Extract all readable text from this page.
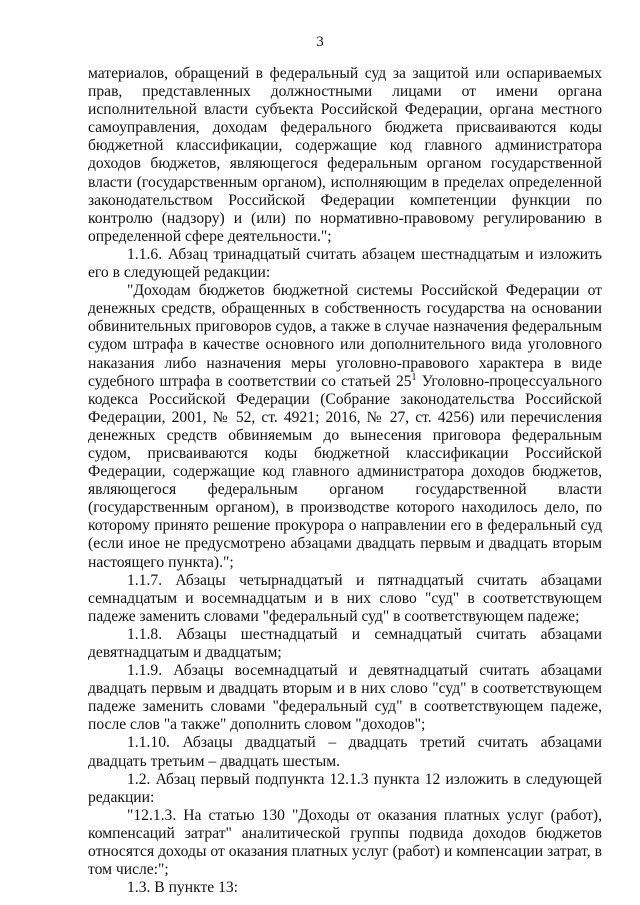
3

материалов, обращений в федеральный суд за защитой или оспариваемых прав, представленных должностными лицами от имени органа исполнительной власти субъекта Российской Федерации, органа местного самоуправления, доходам федерального бюджета присваиваются коды бюджетной классификации, содержащие код главного администратора доходов бюджетов, являющегося федеральным органом государственной власти (государственным органом), исполняющим в пределах определенной законодательством Российской Федерации компетенции функции по контролю (надзору) и (или) по нормативно-правовому регулированию в определенной сфере деятельности.";

1.1.6. Абзац тринадцатый считать абзацем шестнадцатым и изложить его в следующей редакции:

"Доходам бюджетов бюджетной системы Российской Федерации от денежных средств, обращенных в собственность государства на основании обвинительных приговоров судов, а также в случае назначения федеральным судом штрафа в качестве основного или дополнительного вида уголовного наказания либо назначения меры уголовно-правового характера в виде судебного штрафа в соответствии со статьей $25^1$ Уголовно-процессуального кодекса Российской Федерации (Собрание законодательства Российской Федерации, 2001, № 52, ст. 4921; 2016, № 27, ст. 4256) или перечисления денежных средств обвиняемым до вынесения приговора федеральным судом, присваиваются коды бюджетной классификации Российской Федерации, содержащие код главного администратора доходов бюджетов, являющегося федеральным органом государственной власти (государственным органом), в производстве которого находилось дело, по которому принято решение прокурора о направлении его в федеральный суд (если иное не предусмотрено абзацами двадцать первым и двадцать вторым настоящего пункта).";

1.1.7. Абзацы четырнадцатый и пятнадцатый считать абзацами семнадцатым и восемнадцатым и в них слово "суд" в соответствующем падеже заменить словами "федеральный суд" в соответствующем падеже;

1.1.8. Абзацы шестнадцатый и семнадцатый считать абзацами девятнадцатым и двадцатым;

1.1.9. Абзацы восемнадцатый и девятнадцатый считать абзацами двадцать первым и двадцать вторым и в них слово "суд" в соответствующем падеже заменить словами "федеральный суд" в соответствующем падеже, после слов "а также" дополнить словом "доходов";

1.1.10. Абзацы двадцатый – двадцать третий считать абзацами двадцать третьим – двадцать шестым.

1.2. Абзац первый подпункта 12.1.3 пункта 12 изложить в следующей редакции:

"12.1.3. На статью 130 "Доходы от оказания платных услуг (работ), компенсаций затрат" аналитической группы подвида доходов бюджетов относятся доходы от оказания платных услуг (работ) и компенсации затрат, в том числе:";

1.3. В пункте 13:
